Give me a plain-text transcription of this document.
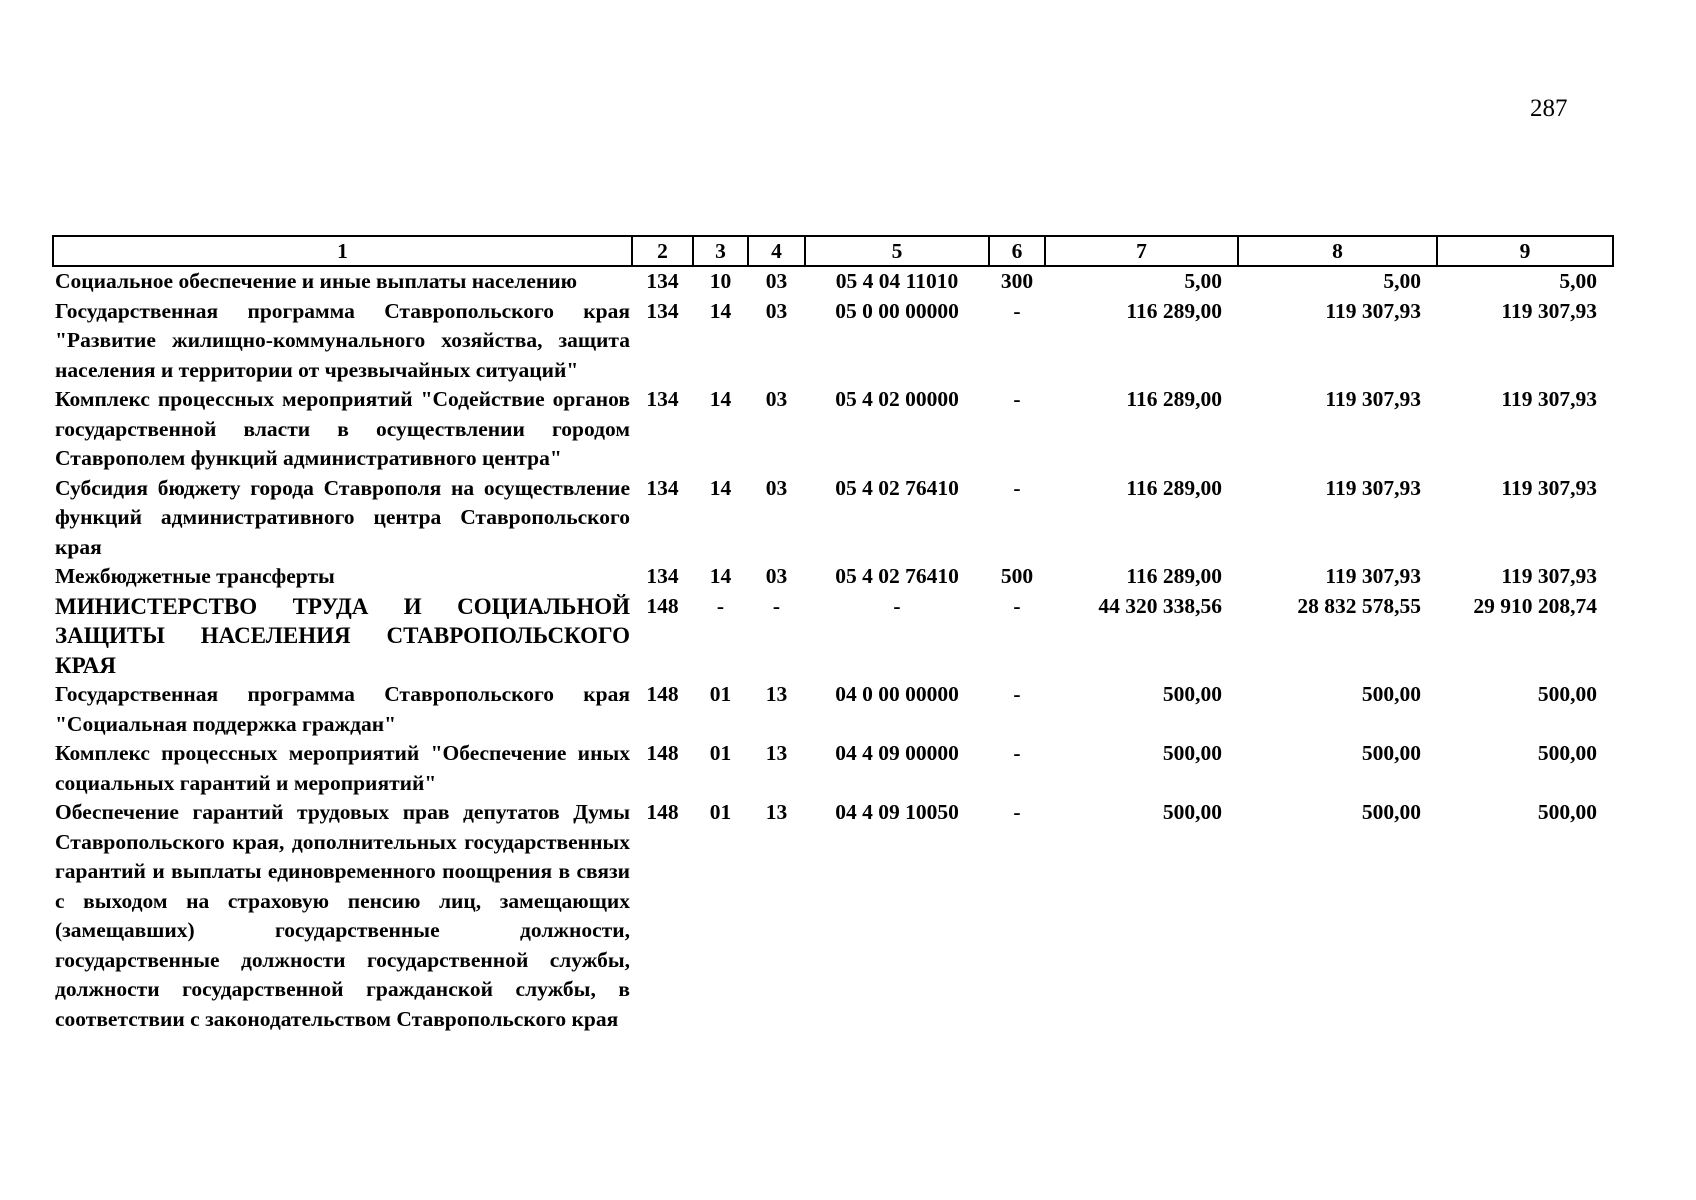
287
1	2	3	4	5	6	7	8	9
Социальное обеспечение и иные выплаты населению	134	10	03	05 4 04 11010	300	5,00	5,00	5,00
Государственная программа Ставропольского края "Развитие жилищно-коммунального хозяйства, защита населения и территории от чрезвычайных ситуаций"	134	14	03	05 0 00 00000	-	116 289,00	119 307,93	119 307,93
Комплекс процессных мероприятий "Содействие органов государственной власти в осуществлении городом Ставрополем функций административного центра"	134	14	03	05 4 02 00000	-	116 289,00	119 307,93	119 307,93
Субсидия бюджету города Ставрополя на осуществление функций административного центра Ставропольского края	134	14	03	05 4 02 76410	-	116 289,00	119 307,93	119 307,93
Межбюджетные трансферты	134	14	03	05 4 02 76410	500	116 289,00	119 307,93	119 307,93
МИНИСТЕРСТВО ТРУДА И СОЦИАЛЬНОЙ ЗАЩИТЫ НАСЕЛЕНИЯ СТАВРОПОЛЬСКОГО КРАЯ	148	-	-	-	-	44 320 338,56	28 832 578,55	29 910 208,74
Государственная программа Ставропольского края "Социальная поддержка граждан"	148	01	13	04 0 00 00000	-	500,00	500,00	500,00
Комплекс процессных мероприятий "Обеспечение иных социальных гарантий и мероприятий"	148	01	13	04 4 09 00000	-	500,00	500,00	500,00
Обеспечение гарантий трудовых прав депутатов Думы Ставропольского края, дополнительных государственных гарантий и выплаты единовременного поощрения в связи с выходом на страховую пенсию лиц, замещающих (замещавших) государственные должности, государственные должности государственной службы, должности государственной гражданской службы, в соответствии с законодательством Ставропольского края	148	01	13	04 4 09 10050	-	500,00	500,00	500,00
